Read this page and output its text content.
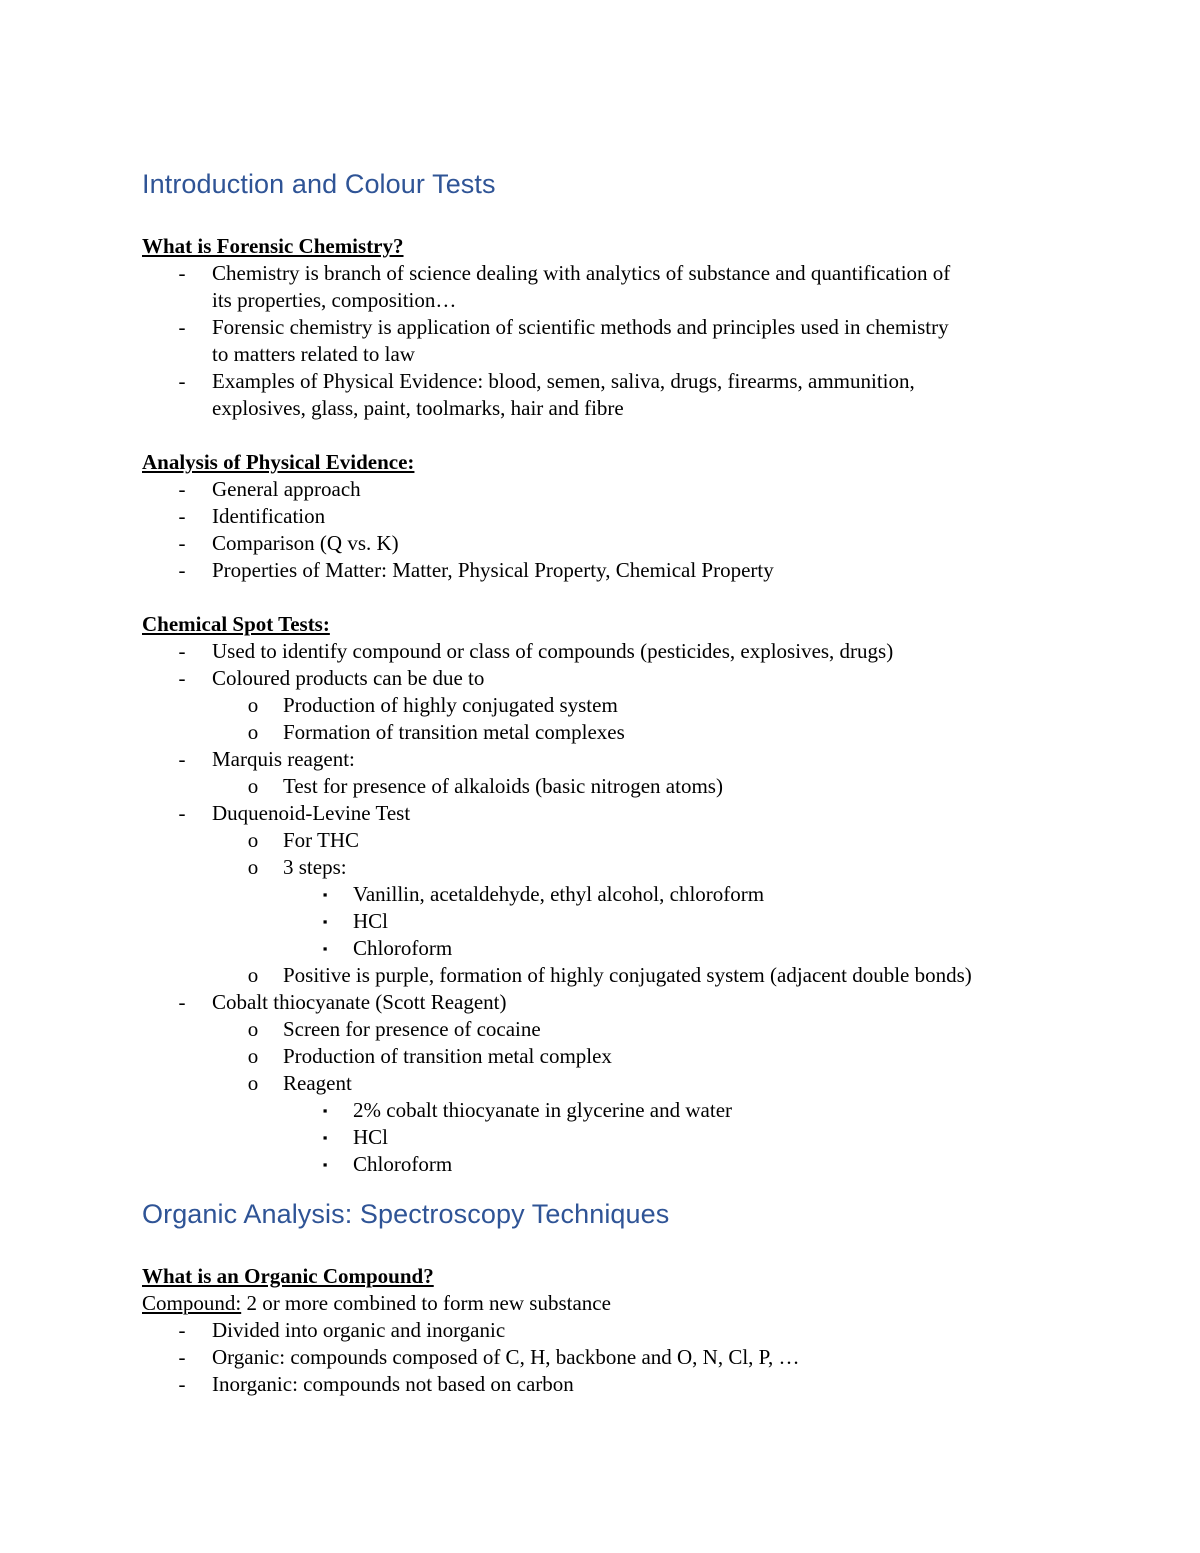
Introduction and Colour Tests
What is Forensic Chemistry?
-	Chemistry is branch of science dealing with analytics of substance and quantification of
its properties, composition…
-	Forensic chemistry is application of scientific methods and principles used in chemistry
to matters related to law
-	Examples of Physical Evidence: blood, semen, saliva, drugs, firearms, ammunition,
explosives, glass, paint, toolmarks, hair and fibre
Analysis of Physical Evidence:
-	General approach
-	Identification
-	Comparison (Q vs. K)
-	Properties of Matter: Matter, Physical Property, Chemical Property
Chemical Spot Tests:
-	Used to identify compound or class of compounds (pesticides, explosives, drugs)
-	Coloured products can be due to
o Production of highly conjugated system
o Formation of transition metal complexes
-	Marquis reagent:
o Test for presence of alkaloids (basic nitrogen atoms)
-	Duquenoid-Levine Test
o For THC
o 3 steps:
▪	Vanillin, acetaldehyde, ethyl alcohol, chloroform
▪	HCl
▪	Chloroform
o Positive is purple, formation of highly conjugated system (adjacent double bonds)
-	Cobalt thiocyanate (Scott Reagent)
o Screen for presence of cocaine
o Production of transition metal complex
o Reagent
▪	2% cobalt thiocyanate in glycerine and water
▪	HCl
▪	Chloroform
Organic Analysis: Spectroscopy Techniques
What is an Organic Compound?
Compound: 2 or more combined to form new substance
-	Divided into organic and inorganic
-	Organic: compounds composed of C, H, backbone and O, N, Cl, P, …
-	Inorganic: compounds not based on carbon
